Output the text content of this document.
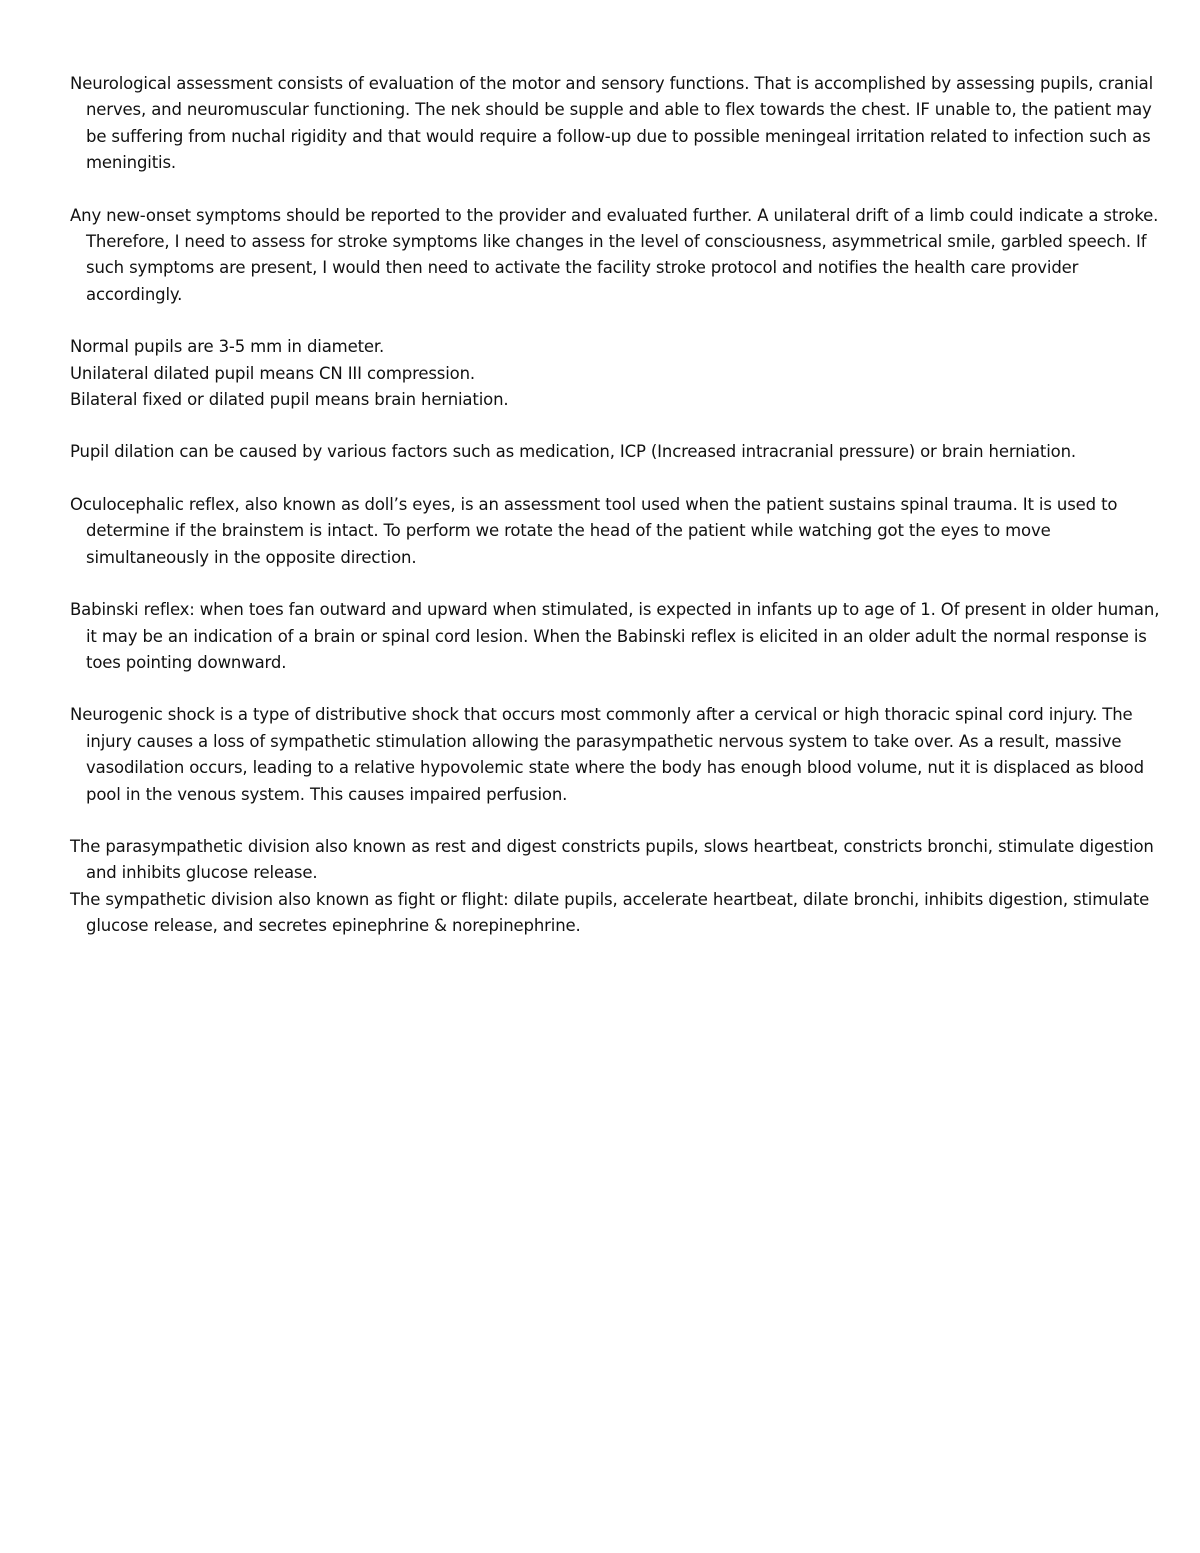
Neurological assessment consists of evaluation of the motor and sensory functions. That is accomplished by assessing pupils, cranial nerves, and neuromuscular functioning. The nek should be supple and able to flex towards the chest. IF unable to, the patient may be suffering from nuchal rigidity and that would require a follow-up due to possible meningeal irritation related to infection such as meningitis.

Any new-onset symptoms should be reported to the provider and evaluated further. A unilateral drift of a limb could indicate a stroke. Therefore, I need to assess for stroke symptoms like changes in the level of consciousness, asymmetrical smile, garbled speech. If such symptoms are present, I would then need to activate the facility stroke protocol and notifies the health care provider accordingly.

Normal pupils are 3-5 mm in diameter.

Unilateral dilated pupil means CN III compression.

Bilateral fixed or dilated pupil means brain herniation.

Pupil dilation can be caused by various factors such as medication, ICP (Increased intracranial pressure) or brain herniation.

Oculocephalic reflex, also known as doll’s eyes, is an assessment tool used when the patient sustains spinal trauma. It is used to determine if the brainstem is intact. To perform we rotate the head of the patient while watching got the eyes to move simultaneously in the opposite direction.

Babinski reflex: when toes fan outward and upward when stimulated, is expected in infants up to age of 1. Of present in older human, it may be an indication of a brain or spinal cord lesion. When the Babinski reflex is elicited in an older adult the normal response is toes pointing downward.

Neurogenic shock is a type of distributive shock that occurs most commonly after a cervical or high thoracic spinal cord injury. The injury causes a loss of sympathetic stimulation allowing the parasympathetic nervous system to take over. As a result, massive vasodilation occurs, leading to a relative hypovolemic state where the body has enough blood volume, nut it is displaced as blood pool in the venous system. This causes impaired perfusion.

The parasympathetic division also known as rest and digest constricts pupils, slows heartbeat, constricts bronchi, stimulate digestion and inhibits glucose release.

The sympathetic division also known as fight or flight: dilate pupils, accelerate heartbeat, dilate bronchi, inhibits digestion, stimulate glucose release, and secretes epinephrine & norepinephrine.
